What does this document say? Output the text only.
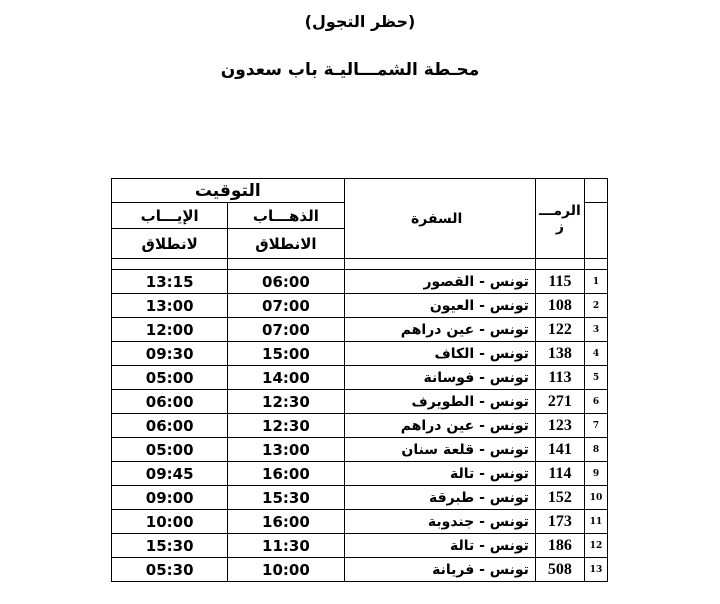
(حظر التجول)
محـطة الشمـــاليـة باب سعدون
	الرمـــ ز	السفرة	التوقيت	
			الذهـــاب	الإيـــاب
			الانطلاق	لانطلاق

1	115	تونس - القصور	06:00	13:15
2	108	تونس - العيون	07:00	13:00
3	122	تونس - عين دراهم	07:00	12:00
4	138	تونس - الكاف	15:00	09:30
5	113	تونس - فوسانة	14:00	05:00
6	271	تونس - الطويرف	12:30	06:00
7	123	تونس - عين دراهم	12:30	06:00
8	141	تونس - قلعة سنان	13:00	05:00
9	114	تونس - تالة	16:00	09:45
10	152	تونس - طبرقة	15:30	09:00
11	173	تونس - جندوبة	16:00	10:00
12	186	تونس - تالة	11:30	15:30
13	508	تونس - فريانة	10:00	05:30
